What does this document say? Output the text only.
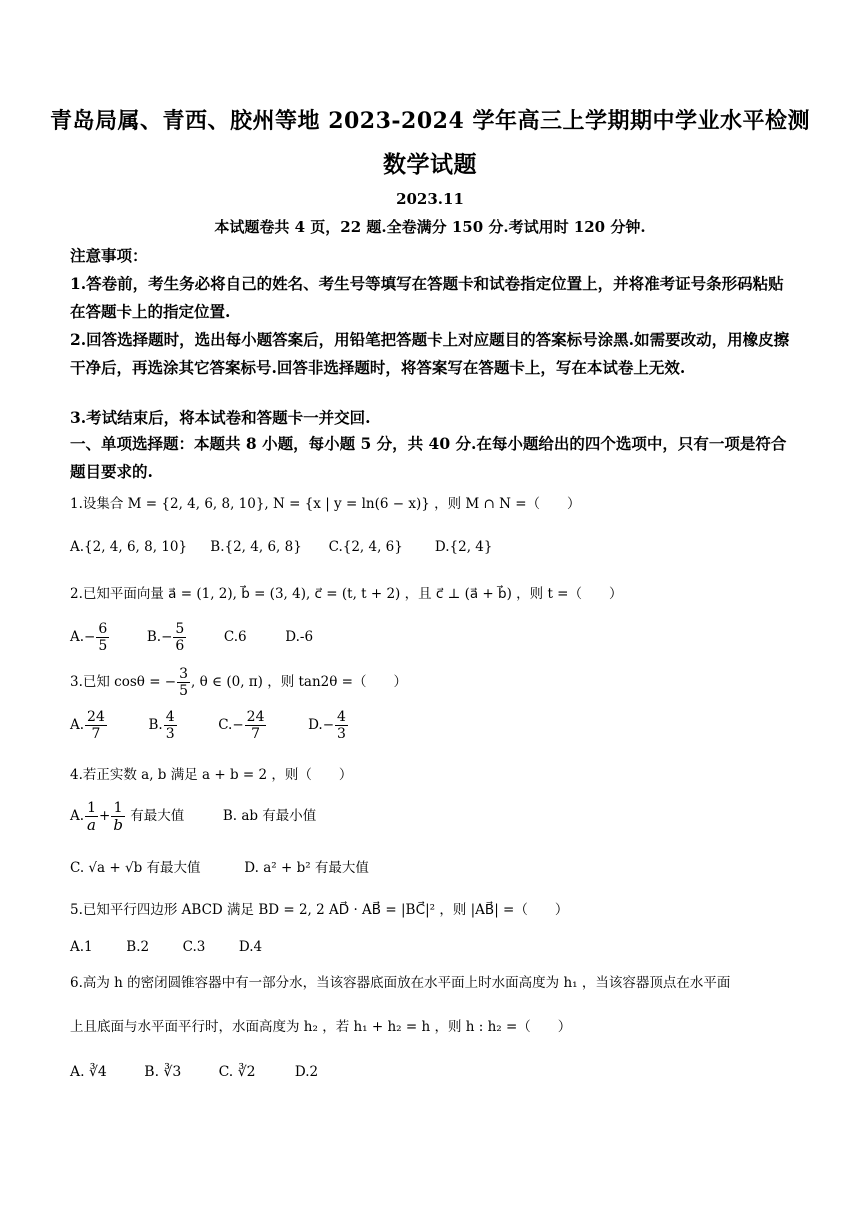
青岛局属、青西、胶州等地 2023-2024 学年高三上学期期中学业水平检测
数学试题
2023.11
本试题卷共 4 页，22 题.全卷满分 150 分.考试用时 120 分钟.
注意事项：
1.答卷前，考生务必将自己的姓名、考生号等填写在答题卡和试卷指定位置上，并将准考证号条形码粘贴在答题卡上的指定位置.
2.回答选择题时，选出每小题答案后，用铅笔把答题卡上对应题目的答案标号涂黑.如需要改动，用橡皮擦干净后，再选涂其它答案标号.回答非选择题时，将答案写在答题卡上，写在本试卷上无效.
3.考试结束后，将本试卷和答题卡一并交回.
一、单项选择题：本题共 8 小题，每小题 5 分，共 40 分.在每小题给出的四个选项中，只有一项是符合题目要求的.
1.设集合 M = {2, 4, 6, 8, 10}, N = {x | y = ln(6 − x)} ，则 M ∩ N =（　　）
A.{2, 4, 6, 8, 10} B.{2, 4, 6, 8} C.{2, 4, 6} D.{2, 4}
2.已知平面向量 a⃗ = (1, 2), b⃗ = (3, 4), c⃗ = (t, t + 2) ，且 c⃗ ⊥ (a⃗ + b⃗) ，则 t =（　　）
$A.- \frac{6}{5}$	$B.- \frac{5}{6}$	C.6	D.-6
3.已知 cosθ = − $\frac{3}{5}$ , θ ∈ (0, π) ，则 tan2θ =（　　）
A. $\frac{24}{7}$	B. $\frac{4}{3}$	$C.- \frac{24}{7}$	$D.- \frac{4}{3}$
4.若正实数 a, b 满足 a + b = 2 ，则（　　）
A. $\frac{1}{a} + \frac{1}{b}$ 有最大值	B. ab 有最小值
C. √a + √b 有最大值	D. a² + b² 有最大值
5.已知平行四边形 ABCD 满足 BD = 2, 2 AD⃗ · AB⃗ = |BC⃗|² ，则 |AB⃗| =（　　）
A.1 B.2 C.3 D.4
6.高为 h 的密闭圆锥容器中有一部分水，当该容器底面放在水平面上时水面高度为 h₁ ，当该容器顶点在水平面
上且底面与水平面平行时，水面高度为 h₂ ，若 h₁ + h₂ = h ，则 h : h₂ =（　　）
A. ∛4	B. ∛3	C. ∛2	D.2
